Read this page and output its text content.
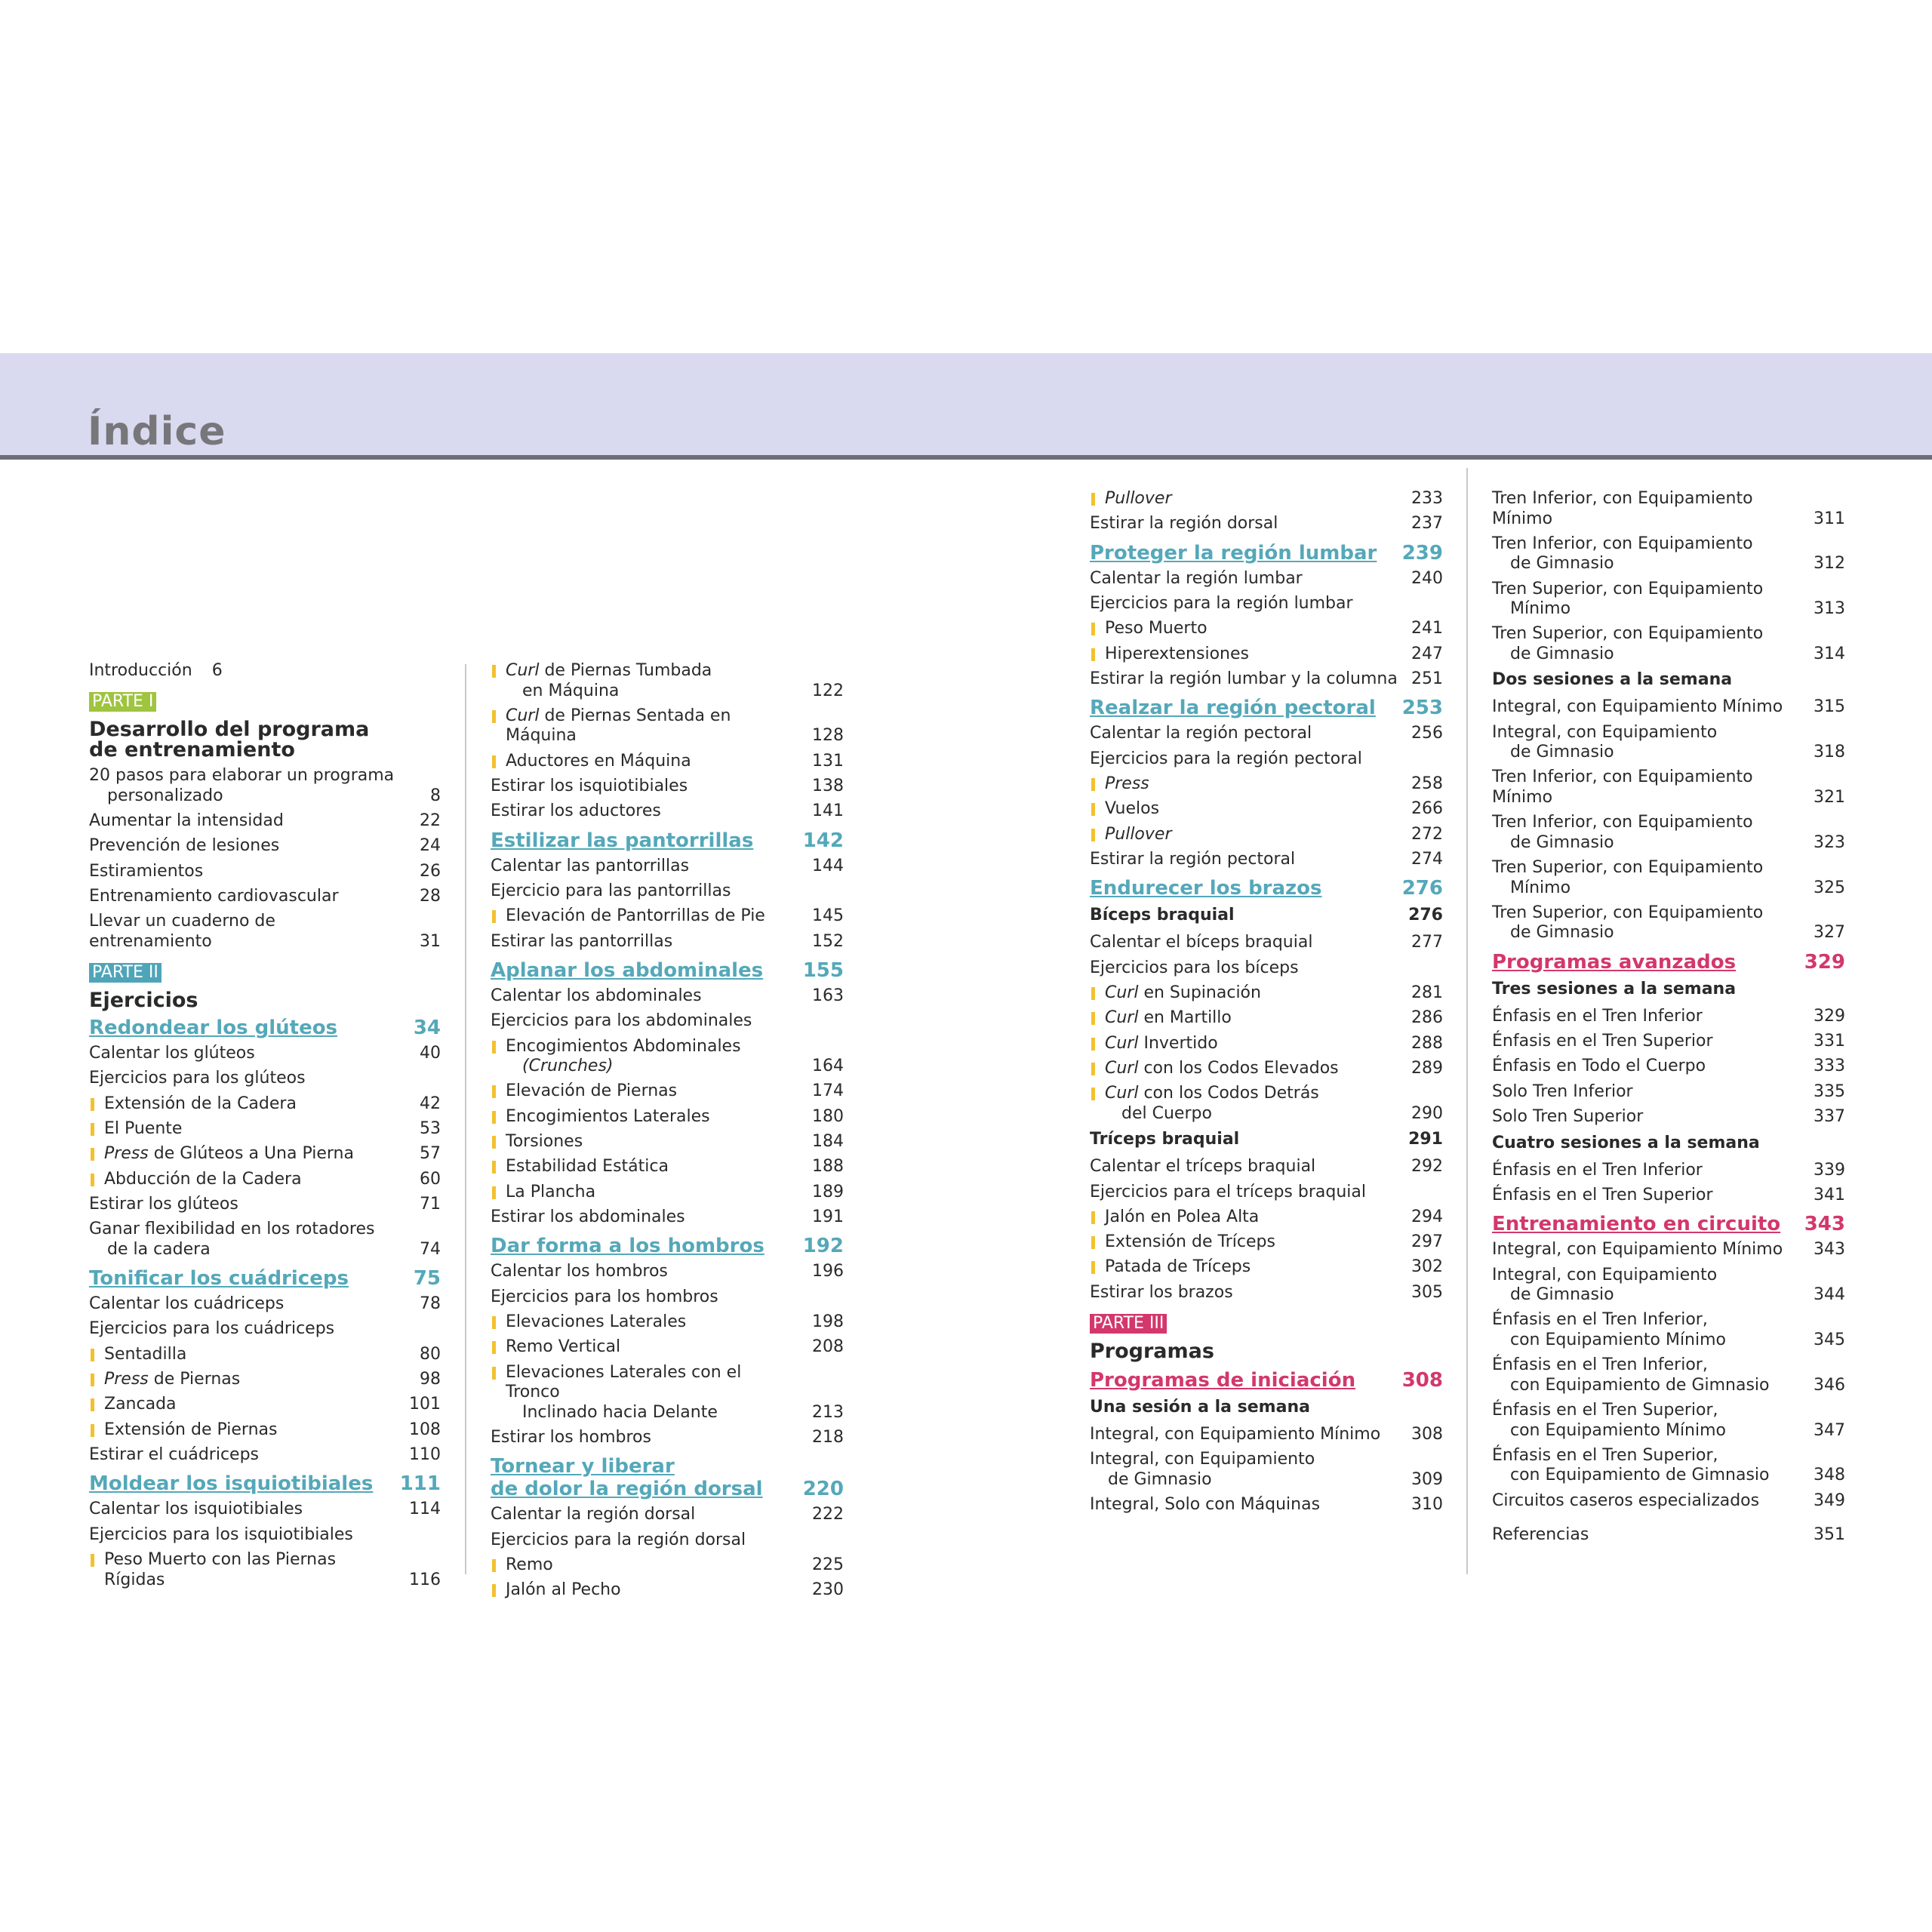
Índice
Introducción 6
PARTE I
Desarrollo del programa
de entrenamiento
20 pasos para elaborar un programa
personalizado	8
Aumentar la intensidad	22
Prevención de lesiones	24
Estiramientos	26
Entrenamiento cardiovascular	28
Llevar un cuaderno de entrenamiento	31
PARTE II
Ejercicios
Redondear los glúteos	34
Calentar los glúteos	40
Ejercicios para los glúteos
Extensión de la Cadera	42
El Puente	53
Press de Glúteos a Una Pierna	57
Abducción de la Cadera	60
Estirar los glúteos	71
Ganar flexibilidad en los rotadores
de la cadera	74
Tonificar los cuádriceps	75
Calentar los cuádriceps	78
Ejercicios para los cuádriceps
Sentadilla	80
Press de Piernas	98
Zancada	101
Extensión de Piernas	108
Estirar el cuádriceps	110
Moldear los isquiotibiales 111
Calentar los isquiotibiales	114
Ejercicios para los isquiotibiales
Peso Muerto con las Piernas Rígidas	116
Curl de Piernas Tumbada
en Máquina	122
Curl de Piernas Sentada en Máquina	128
Aductores en Máquina	131
Estirar los isquiotibiales	138
Estirar los aductores	141
Estilizar las pantorrillas	142
Calentar las pantorrillas	144
Ejercicio para las pantorrillas
Elevación de Pantorrillas de Pie	145
Estirar las pantorrillas	152
Aplanar los abdominales 155
Calentar los abdominales	163
Ejercicios para los abdominales
Encogimientos Abdominales
(Crunches)	164
Elevación de Piernas	174
Encogimientos Laterales	180
Torsiones	184
Estabilidad Estática	188
La Plancha	189
Estirar los abdominales	191
Dar forma a los hombros 192
Calentar los hombros	196
Ejercicios para los hombros
Elevaciones Laterales	198
Remo Vertical	208
Elevaciones Laterales con el Tronco
Inclinado hacia Delante	213
Estirar los hombros	218
Tornear y liberar
de dolor la región dorsal 220
Calentar la región dorsal	222
Ejercicios para la región dorsal
Remo	225
Jalón al Pecho	230
Pullover	233
Estirar la región dorsal	237
Proteger la región lumbar 239
Calentar la región lumbar	240
Ejercicios para la región lumbar
Peso Muerto	241
Hiperextensiones	247
Estirar la región lumbar y la columna 251
Realzar la región pectoral 253
Calentar la región pectoral	256
Ejercicios para la región pectoral
Press	258
Vuelos	266
Pullover	272
Estirar la región pectoral	274
Endurecer los brazos	276
Bíceps braquial	276
Calentar el bíceps braquial	277
Ejercicios para los bíceps
Curl en Supinación	281
Curl en Martillo	286
Curl Invertido	288
Curl con los Codos Elevados	289
Curl con los Codos Detrás
del Cuerpo	290
Tríceps braquial	291
Calentar el tríceps braquial	292
Ejercicios para el tríceps braquial
Jalón en Polea Alta	294
Extensión de Tríceps	297
Patada de Tríceps	302
Estirar los brazos	305
PARTE III
Programas
Programas de iniciación 308
Una sesión a la semana
Integral, con Equipamiento Mínimo	308
Integral, con Equipamiento
de Gimnasio	309
Integral, Solo con Máquinas	310
Tren Inferior, con Equipamiento Mínimo	311
Tren Inferior, con Equipamiento
de Gimnasio	312
Tren Superior, con Equipamiento
Mínimo	313
Tren Superior, con Equipamiento
de Gimnasio	314
Dos sesiones a la semana
Integral, con Equipamiento Mínimo	315
Integral, con Equipamiento
de Gimnasio	318
Tren Inferior, con Equipamiento Mínimo	321
Tren Inferior, con Equipamiento
de Gimnasio	323
Tren Superior, con Equipamiento
Mínimo	325
Tren Superior, con Equipamiento
de Gimnasio	327
Programas avanzados	329
Tres sesiones a la semana
Énfasis en el Tren Inferior	329
Énfasis en el Tren Superior	331
Énfasis en Todo el Cuerpo	333
Solo Tren Inferior	335
Solo Tren Superior	337
Cuatro sesiones a la semana
Énfasis en el Tren Inferior	339
Énfasis en el Tren Superior	341
Entrenamiento en circuito 343
Integral, con Equipamiento Mínimo	343
Integral, con Equipamiento
de Gimnasio	344
Énfasis en el Tren Inferior,
con Equipamiento Mínimo	345
Énfasis en el Tren Inferior,
con Equipamiento de Gimnasio	346
Énfasis en el Tren Superior,
con Equipamiento Mínimo	347
Énfasis en el Tren Superior,
con Equipamiento de Gimnasio	348
Circuitos caseros especializados	349
Referencias	351
